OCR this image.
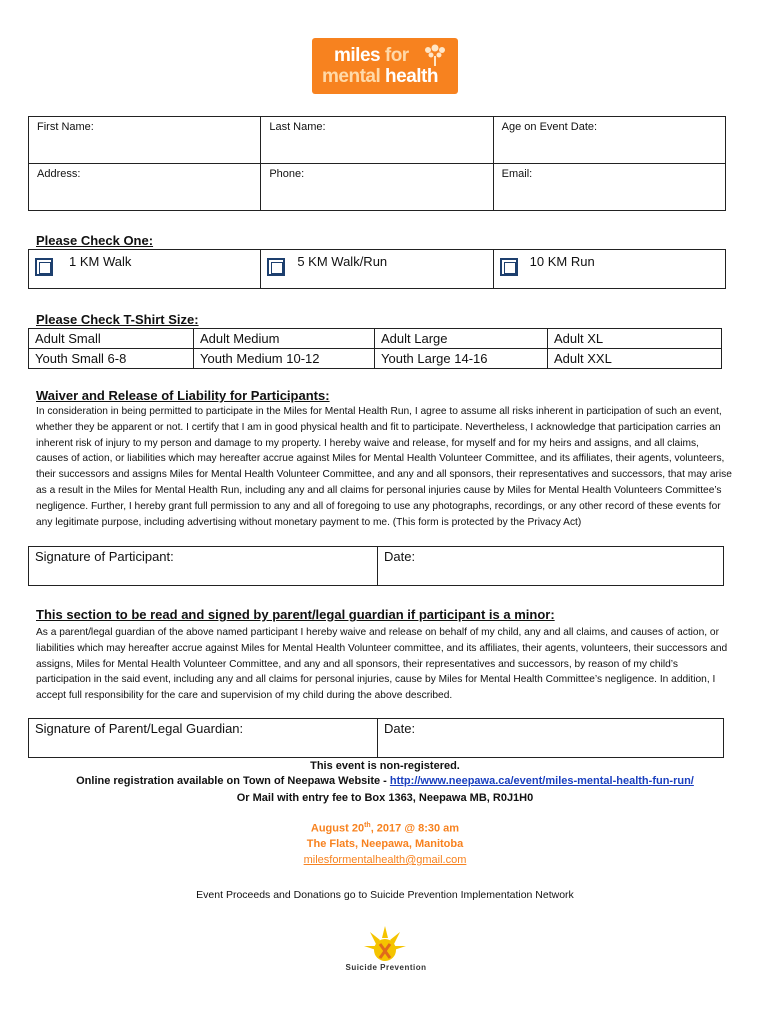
miles for
mental health
First Name:	Last Name:	Age on Event Date:
Address:	Phone:	Email:
Please Check One:
1 KM Walk	5 KM Walk/Run	10 KM Run
Please Check T-Shirt Size:
Adult Small	Adult Medium	Adult Large	Adult XL
Youth Small 6-8	Youth Medium 10-12	Youth Large 14-16	Adult XXL
Waiver and Release of Liability for Participants:
In consideration in being permitted to participate in the Miles for Mental Health Run, I agree to assume all risks inherent in participation of such an event, whether they be apparent or not. I certify that I am in good physical health and fit to participate. Nevertheless, I acknowledge that participation carries an inherent risk of injury to my person and damage to my property. I hereby waive and release, for myself and for my heirs and assigns, and all claims, causes of action, or liabilities which may hereafter accrue against Miles for Mental Health Volunteer Committee, and its affiliates, their agents, volunteers, their successors and assigns Miles for Mental Health Volunteer Committee, and any and all sponsors, their representatives and successors, that may arise as a result in the Miles for Mental Health Run, including any and all claims for personal injuries cause by Miles for Mental Health Volunteers Committee’s negligence. Further, I hereby grant full permission to any and all of foregoing to use any photographs, recordings, or any other record of these events for any legitimate purpose, including advertising without monetary payment to me. (This form is protected by the Privacy Act)
Signature of Participant:	Date:
This section to be read and signed by parent/legal guardian if participant is a minor:
As a parent/legal guardian of the above named participant I hereby waive and release on behalf of my child, any and all claims, and causes of action, or liabilities which may hereafter accrue against Miles for Mental Health Volunteer committee, and its affiliates, their agents, volunteers, their successors and assigns, Miles for Mental Health Volunteer Committee, and any and all sponsors, their representatives and successors, by reason of my child’s participation in the said event, including any and all claims for personal injuries, cause by Miles for Mental Health Committee’s negligence. In addition, I accept full responsibility for the care and supervision of my child during the above described.
Signature of Parent/Legal Guardian:	Date:
This event is non-registered.
Online registration available on Town of Neepawa Website - http://www.neepawa.ca/event/miles-mental-health-fun-run/
Or Mail with entry fee to Box 1363, Neepawa MB, R0J1H0
August 20th, 2017 @ 8:30 am
The Flats, Neepawa, Manitoba
milesformentalhealth@gmail.com
Event Proceeds and Donations go to Suicide Prevention Implementation Network
Suicide Prevention
